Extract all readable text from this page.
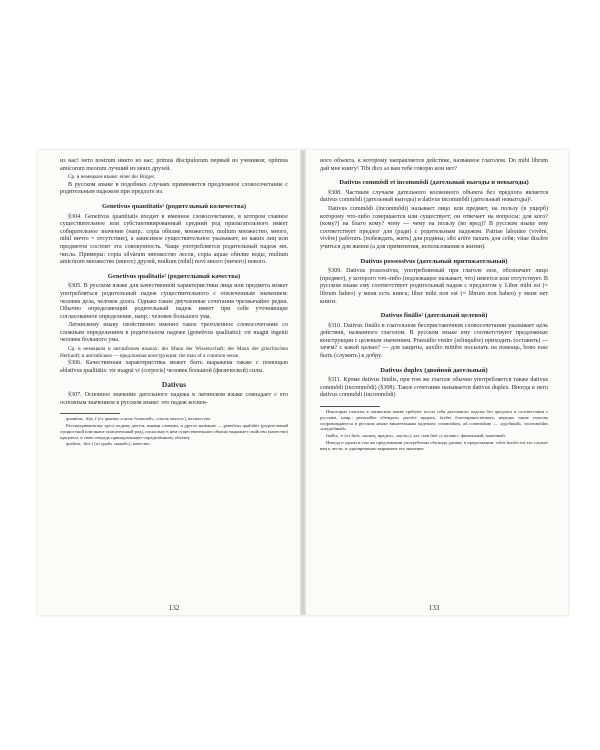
из нас! нето nostrum никто из нас; primus discipulorum первый из учеников; optimus amicorum meorum лучший из моих друзей.

Ср. в немецком языке: einer der Bürger.

В русском языке в подобных случаях применяется предложное словосочетание с родительным падежом при предлоге из.

Genetivus quantitatis¹ (родительный количества)

§304. Genetivus quantitatis входит в именное словосочетание, в котором главное существительное или субстантивированный средний род прилагательного имеет собирательное значение (напр.: copia обилие, множество, multum множество, много, nihil ничто = отсутствие), а зависимое существительное указывает, из каких лиц или предметов состоит эта совокупность. Чаще употребляется родительный падеж мн. числа. Примеры: copia silvārum множество лесов, copia aquae обилие воды, multum amicōrum множество (много) друзей, multum (nihil) novi много (ничего) нового.

Genetivus qualitatis² (родительный качества)

§305. В русском языке для качественной характеристики лица или предмета может употребляться родительный падеж существительного с отвлеченным значением: человек дела, человек долга. Однако такие двучленные сочетания чрезвычайно редки. Обычно определяющий родительный падеж имеет при себе уточняющее согласованное определение, напр.: человек большого ума.

Латинскому языку свойственно именно такое трехчленное словосочетание со сложным определением в родительном падеже (genetivus qualitatis): vir magni ingenii человек большого ума.

Ср. в немецком и английском языках: der Mann der Wissenschaft; der Mann der griechischen Herkunft; в английском — предложная конструкция: the man of a common sense.

§306. Качественная характеристика может быть выражена также с помощью ablatīvus qualitātis: vir magnā vi (corporis) человек большой (физической) силы.

Dativus

§307. Основное значение дательного падежа в латинском языке совпадает с его основным значением в русском языке: это падеж косвен-

quantitas, -ātis, f (от quantus «сколь большой», «сколь много»), количество.

Рассматриваемому здесь падежу дается, иными словами, и другое название — genetīvus qualitātis (родительный сущностной или иначе описательный род), поскольку в нём существительное обычно выражает свойство (качество) предмета, в свою очередь принадлежащее определённому объекту.

qualitas, -ātis f (от qualis «какой»), качество.

132

ного объекта, к которому направляется действие, названное глаголом. Do mihi librum дай мне книгу! Tibi dico аз вам тебе говорю или нет?

Dativus commŏdi et incommŏdi (дательный выгоды и невыгоды)

§308. Частным случаем дательного косвенного объекта без предлога является dativus commŏdi (дательный выгоды) и dativus incommŏdi (дательный невыгоды)¹.

Dativus commŏdi (incommŏdi) называет лицо или предмет, на пользу (в ущерб) которому что-либо совершается или существует; он отвечает на вопросы: для кого? (кому?) на благо кому? чему — чему на пользу (во вред)? В русском языке ему соответствует предлог для (ради) с родительным падежом. Patriae laborāre (vivĕre, vivĕre) работать (побеждать, жить) для родины; sibi агёге пахать для себя; vitae discĕre учиться для жизни (а для применения, использования в жизни).

Dativus possessīvus (дательный притяжательный)

§309. Dativus possessīvus, употребляемый при глаголе esse, обозначает лицо (предмет), у которого что-либо (подлежащее называет, что) имеется или отсутствует. В русском языке ему соответствует родительный падеж с предлогом у. Liber mihi est (= librum habeo) у меня есть книга; liber mihi non est (= librum non habeo) у меня нет книги.

Dativus finālis² (дательный целевой)

§310. Dativus finālis в глагольном бесприставочном словосочетании указывает цель действия, названного глаголом. В русском языке ему соответствуют предложные конструкции с целевым значением. Praesidio venīre (relinquĕre) приходить (оставить) — зачем? с какой целью? — для защиты, auxilio mittĕre посылать на помощь, bono esse быть (служить) к добру.

Dativus duplex (двойной дательный)

§311. Кроме dativus finālis, при том же глаголе обычно употребляется также dativus commŏdi (incommŏdi) (§308). Такое сочетание называется dativus duplex. Иногда в него dativus commŏdi (incommŏdi)

Некоторые глаголы в латинском языке требуют после себя дательного падежа без предлога в соответствии с русским, напр.: persuadēre убеждать, parcĕre щадить, favēre благоприятствовать; нередко такие глаголы сопровождаются в русском языке винительным падежом: commŏdum, ad commŏdum — «удобный», incommŏdus «неудобный».

finālis, -e (от finis, «конец, предел», «цель»), лат. cum finĕ «с целью»: финальный, конечный.

Иногда в одном и том же предложении употреблены оба вида датива; в предложении: vobis honōri est это служит вам к чести, и одновременно выражают его значение.

133
